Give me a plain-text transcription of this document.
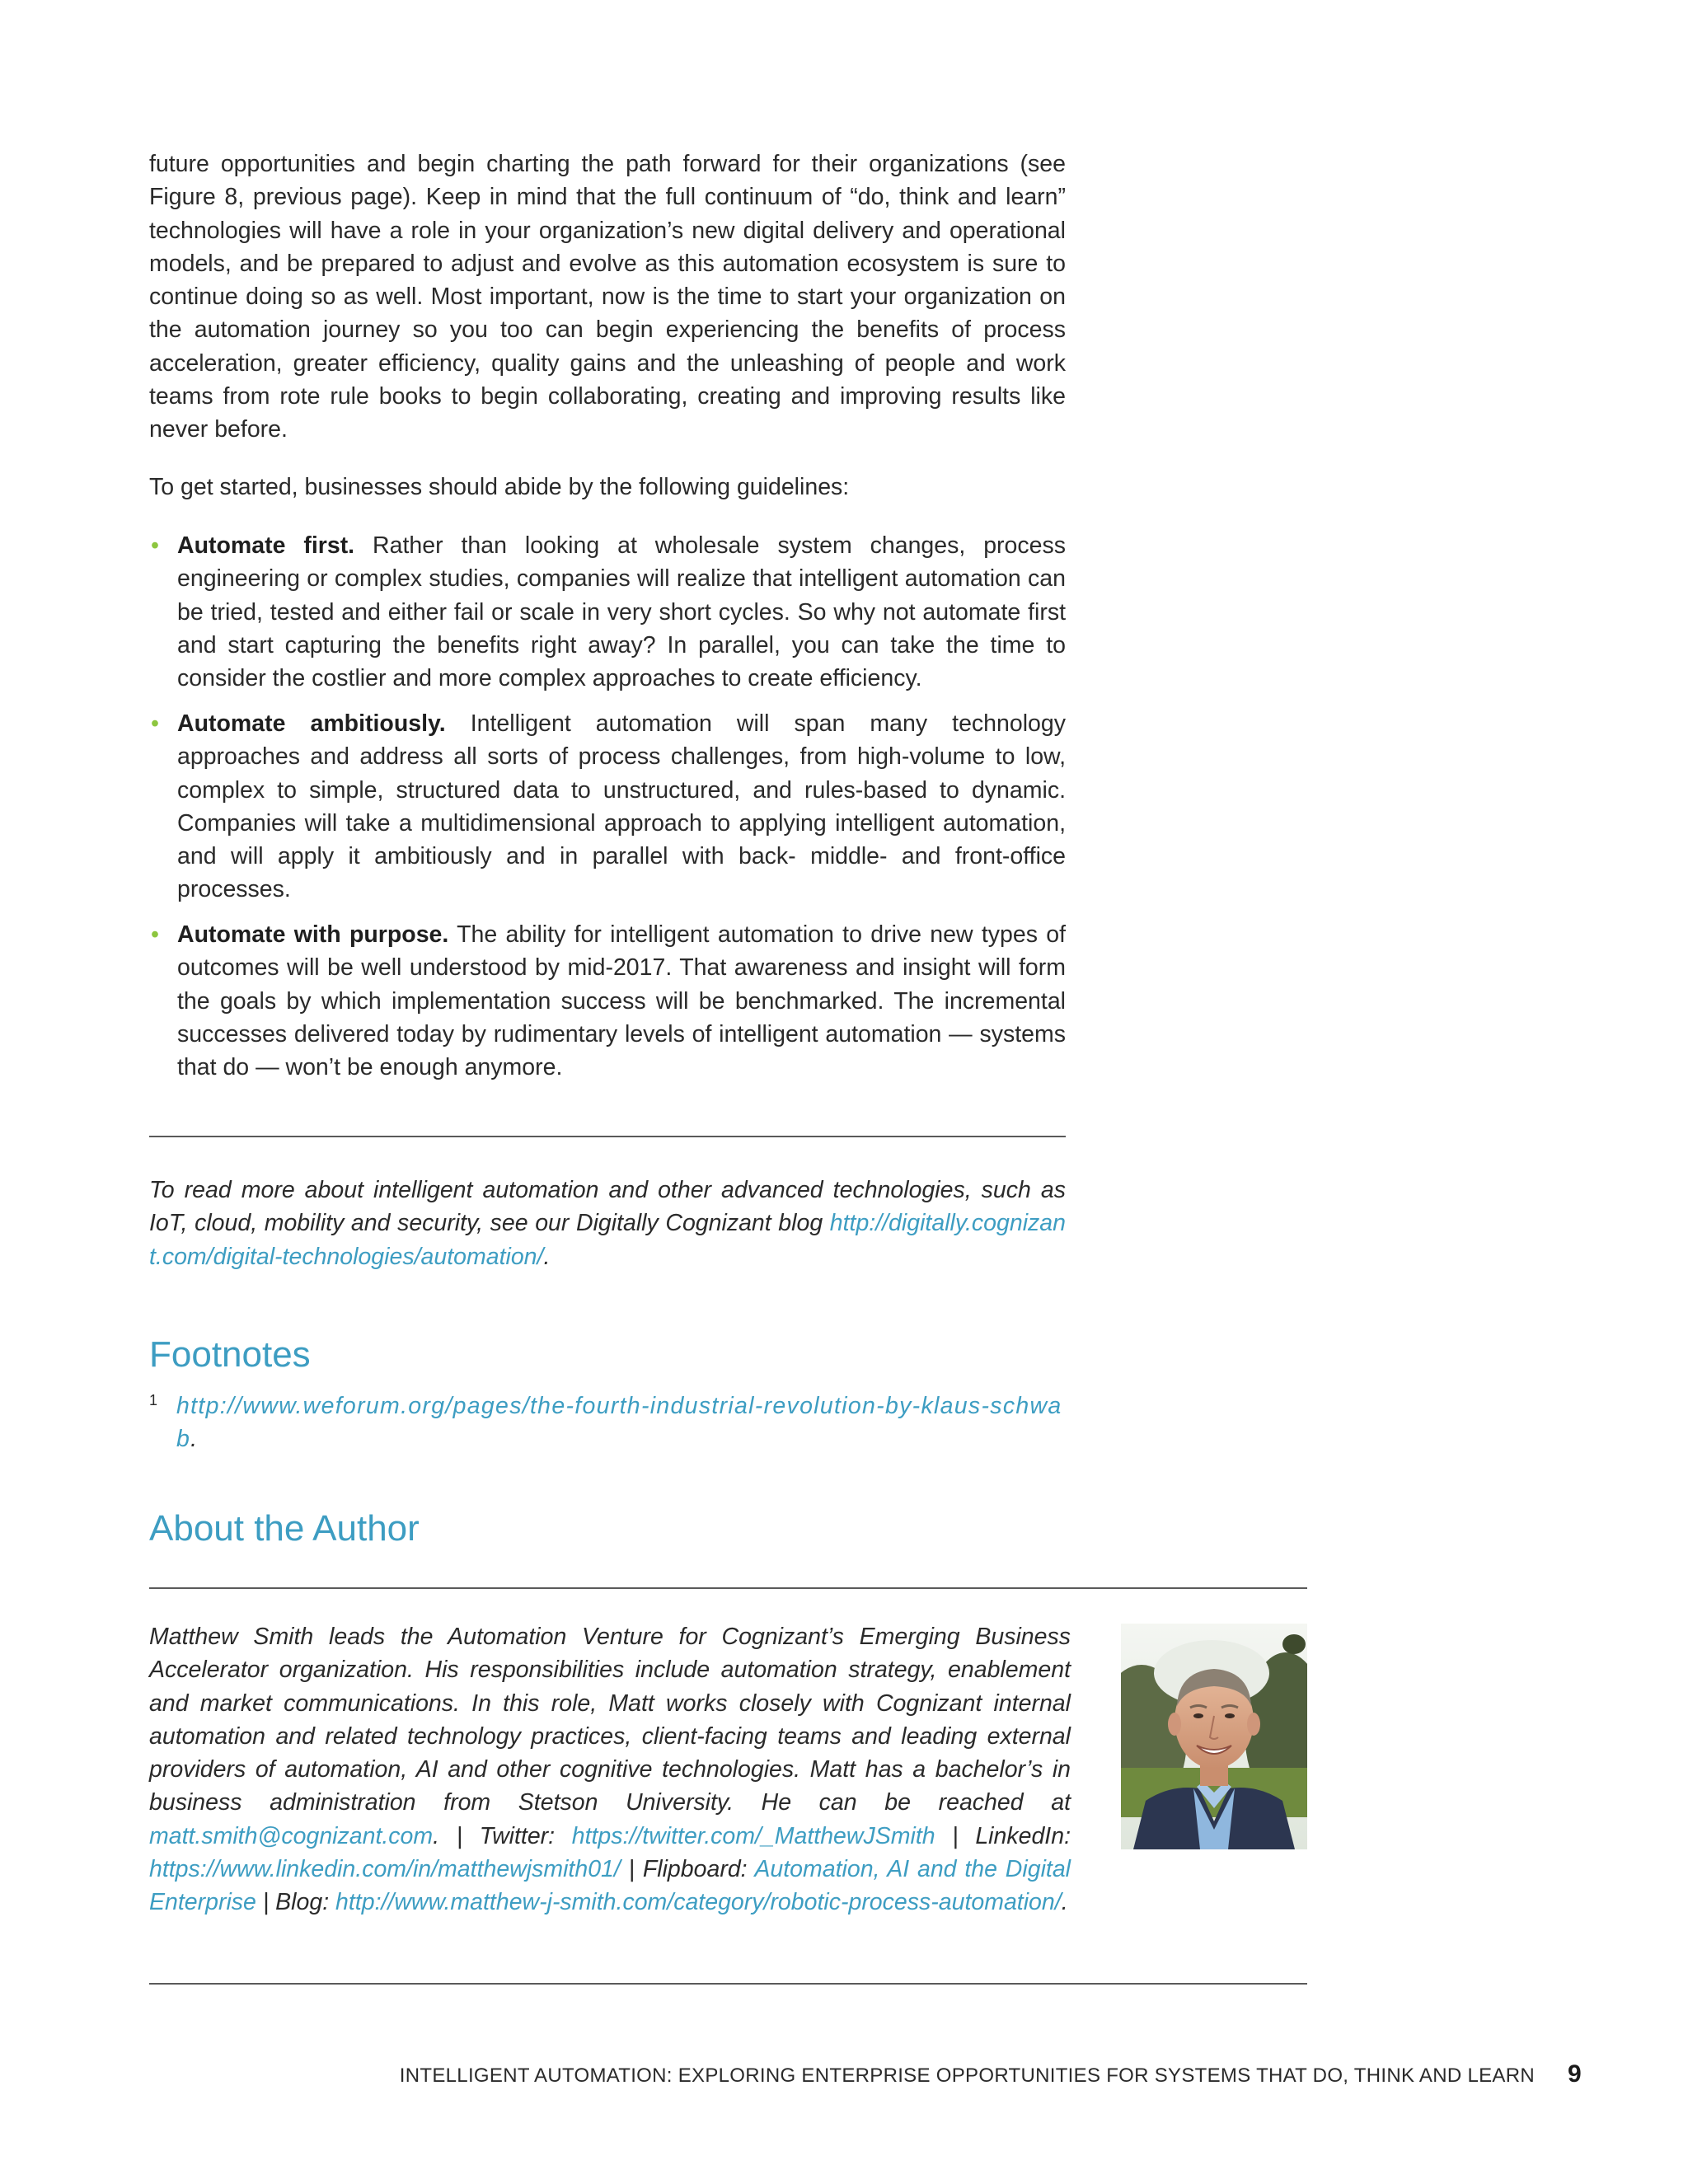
future opportunities and begin charting the path forward for their organizations (see Figure 8, previous page). Keep in mind that the full continuum of “do, think and learn” technologies will have a role in your organization’s new digital delivery and operational models, and be prepared to adjust and evolve as this automation ecosystem is sure to continue doing so as well. Most important, now is the time to start your organization on the automation journey so you too can begin experiencing the benefits of process acceleration, greater efficiency, quality gains and the unleashing of people and work teams from rote rule books to begin collaborating, creating and improving results like never before.

To get started, businesses should abide by the following guidelines:

• Automate first. Rather than looking at wholesale system changes, process engineering or complex studies, companies will realize that intelligent automation can be tried, tested and either fail or scale in very short cycles. So why not automate first and start capturing the benefits right away? In parallel, you can take the time to consider the costlier and more complex approaches to create efficiency.

• Automate ambitiously. Intelligent automation will span many technology approaches and address all sorts of process challenges, from high-volume to low, complex to simple, structured data to unstructured, and rules-based to dynamic. Companies will take a multidimensional approach to applying intelligent automation, and will apply it ambitiously and in parallel with back- middle- and front-office processes.

• Automate with purpose. The ability for intelligent automation to drive new types of outcomes will be well understood by mid-2017. That awareness and insight will form the goals by which implementation success will be benchmarked. The incremental successes delivered today by rudimentary levels of intelligent automation — systems that do — won’t be enough anymore.

To read more about intelligent automation and other advanced technologies, such as IoT, cloud, mobility and security, see our Digitally Cognizant blog http://digitally.cognizant.com/digital-technologies/automation/.

Footnotes
1 http://www.weforum.org/pages/the-fourth-industrial-revolution-by-klaus-schwab.

About the Author

Matthew Smith leads the Automation Venture for Cognizant’s Emerging Business Accelerator organization. His responsibilities include automation strategy, enablement and market communications. In this role, Matt works closely with Cognizant internal automation and related technology practices, client-facing teams and leading external providers of automation, AI and other cognitive technologies. Matt has a bachelor’s in business administration from Stetson University. He can be reached at matt.smith@cognizant.com. | Twitter: https://twitter.com/_MatthewJSmith | LinkedIn: https://www.linkedin.com/in/matthewjsmith01/ | Flipboard: Automation, AI and the Digital Enterprise | Blog: http://www.matthew-j-smith.com/category/robotic-process-automation/.

INTELLIGENT AUTOMATION: EXPLORING ENTERPRISE OPPORTUNITIES FOR SYSTEMS THAT DO, THINK AND LEARN 9
